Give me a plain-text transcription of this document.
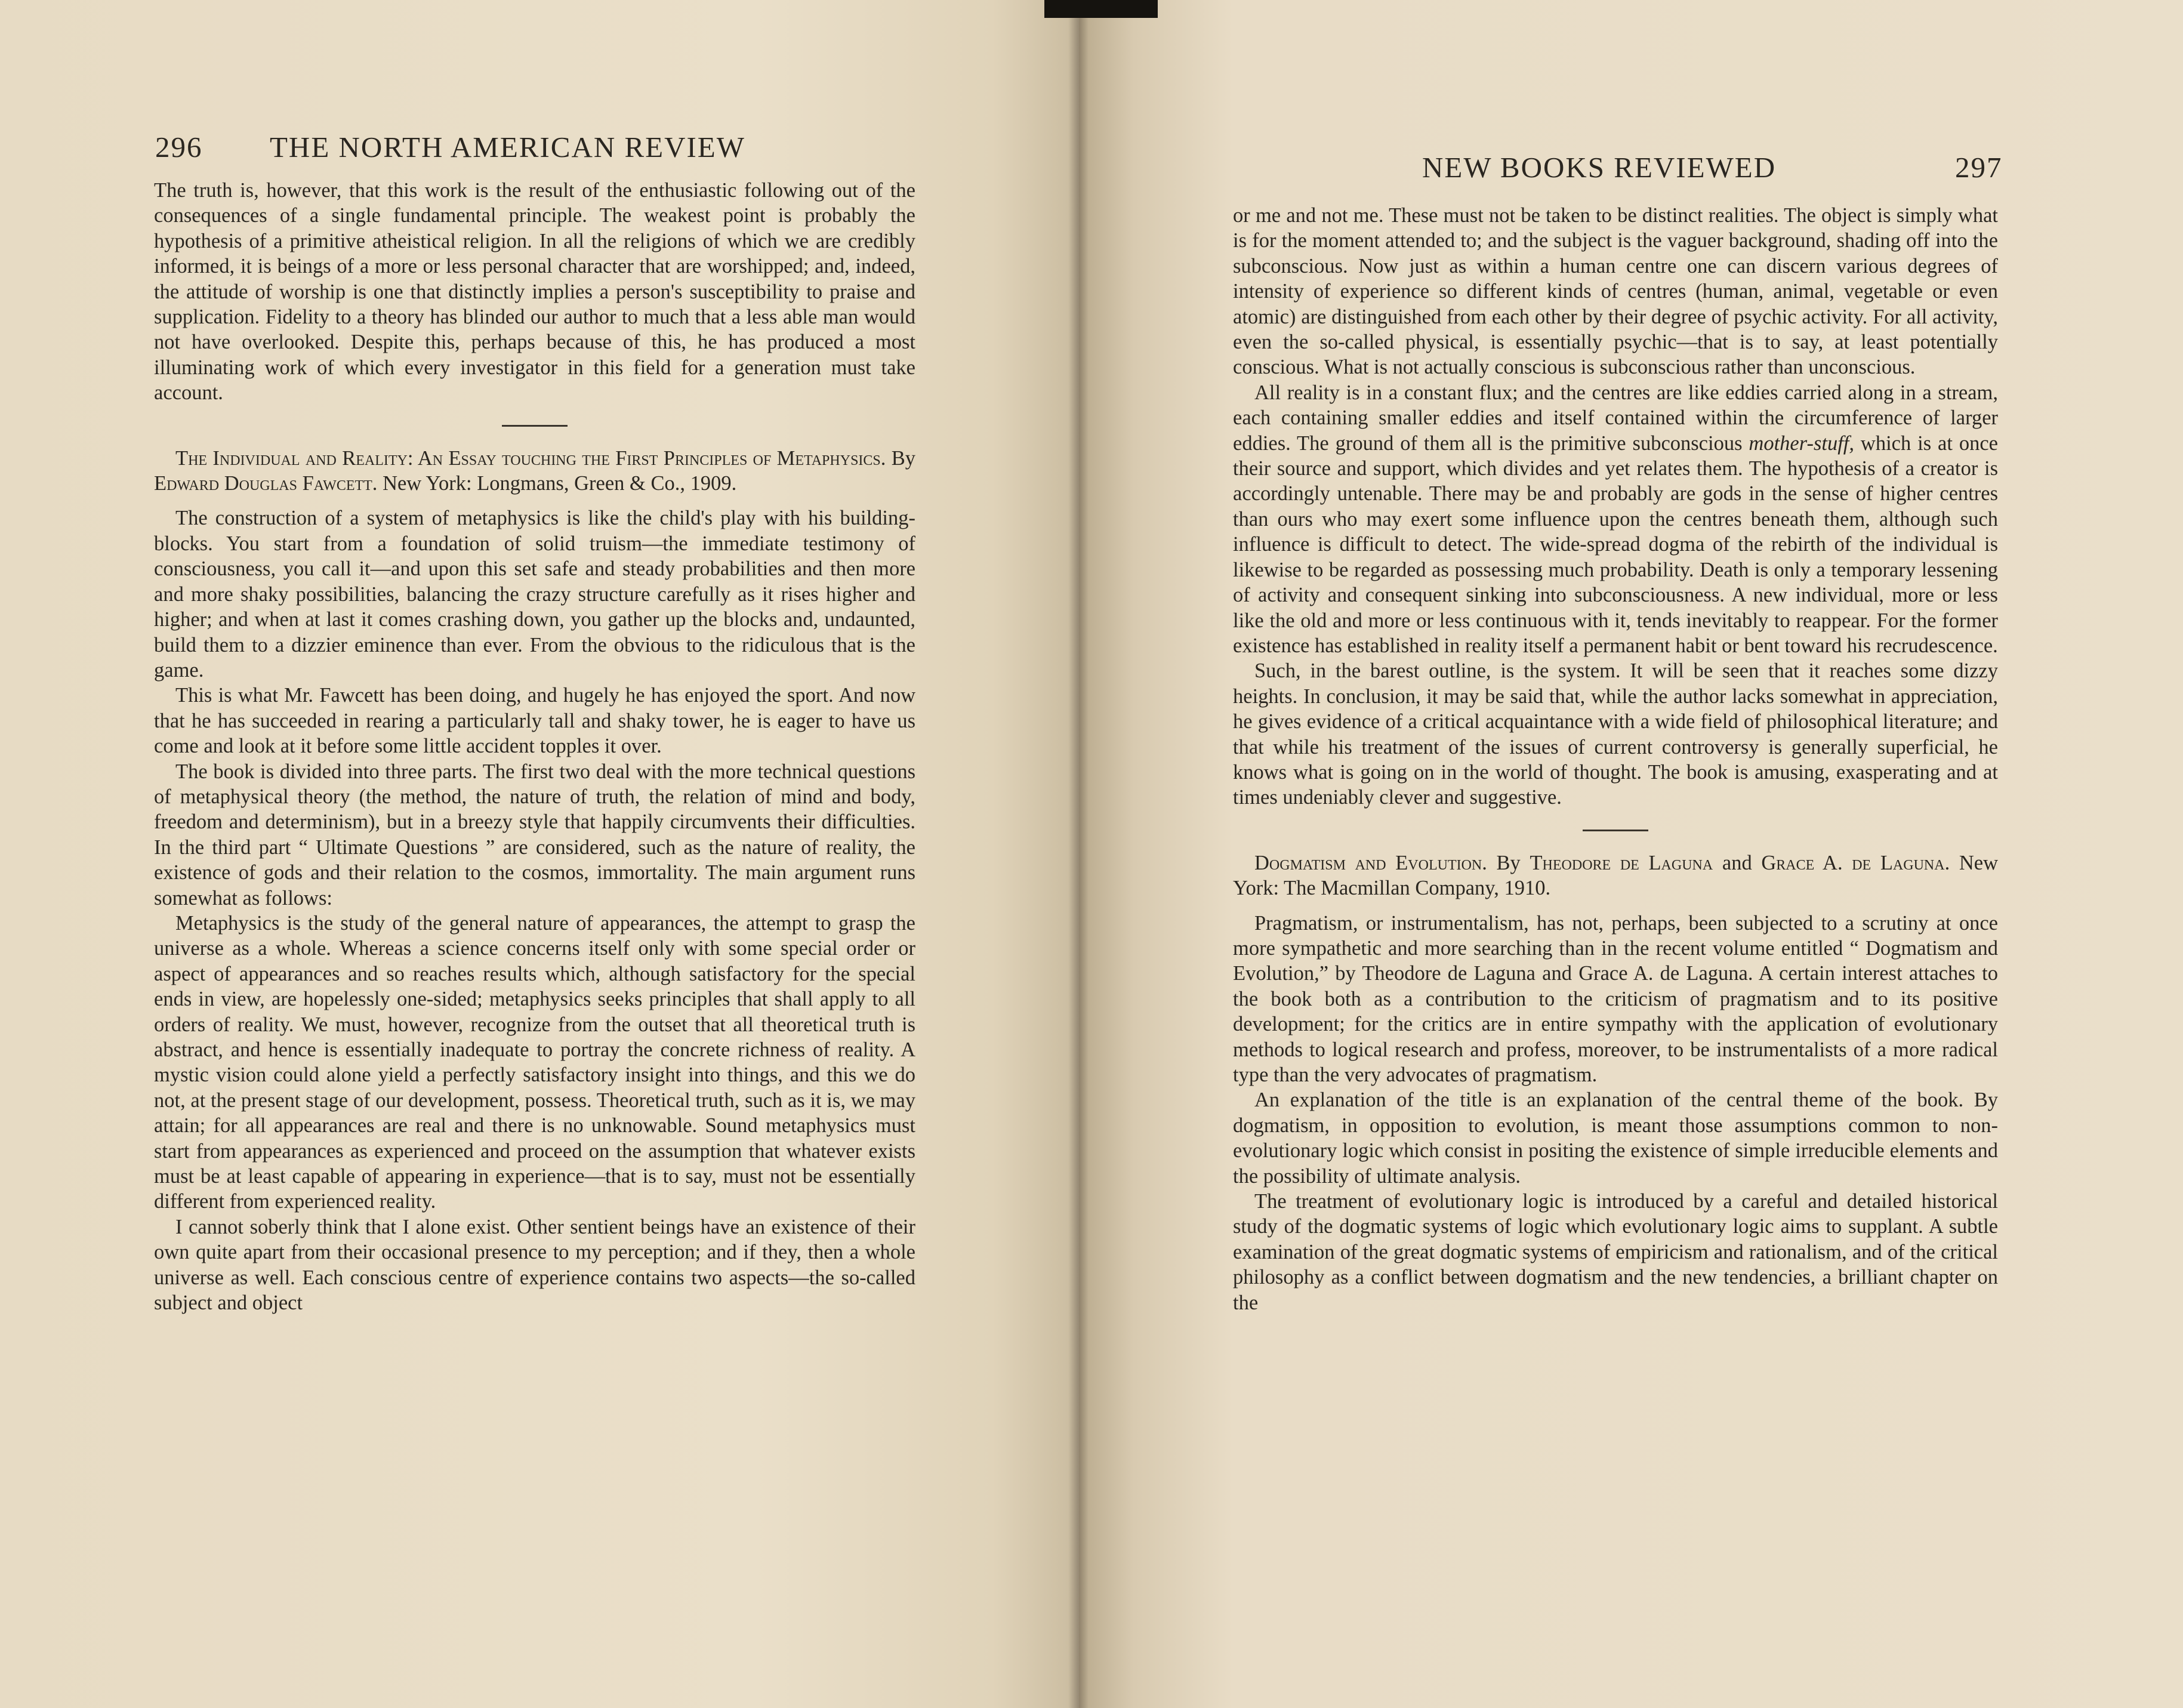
296 THE NORTH AMERICAN REVIEW

The truth is, however, that this work is the result of the enthusiastic following out of the consequences of a single fundamental principle. The weakest point is probably the hypothesis of a primitive atheistical religion. In all the religions of which we are credibly informed, it is beings of a more or less personal character that are worshipped; and, indeed, the attitude of worship is one that distinctly implies a person's susceptibility to praise and supplication. Fidelity to a theory has blinded our author to much that a less able man would not have overlooked. Despite this, perhaps because of this, he has produced a most illuminating work of which every investigator in this field for a generation must take account.

The Individual and Reality: An Essay touching the First Principles of Metaphysics. By Edward Douglas Fawcett. New York: Longmans, Green & Co., 1909.

The construction of a system of metaphysics is like the child's play with his building-blocks. You start from a foundation of solid truism—the immediate testimony of consciousness, you call it—and upon this set safe and steady probabilities and then more and more shaky possibilities, balancing the crazy structure carefully as it rises higher and higher; and when at last it comes crashing down, you gather up the blocks and, undaunted, build them to a dizzier eminence than ever. From the obvious to the ridiculous that is the game.

This is what Mr. Fawcett has been doing, and hugely he has enjoyed the sport. And now that he has succeeded in rearing a particularly tall and shaky tower, he is eager to have us come and look at it before some little accident topples it over.

The book is divided into three parts. The first two deal with the more technical questions of metaphysical theory (the method, the nature of truth, the relation of mind and body, freedom and determinism), but in a breezy style that happily circumvents their difficulties. In the third part “ Ultimate Questions ” are considered, such as the nature of reality, the existence of gods and their relation to the cosmos, immortality. The main argument runs somewhat as follows:

Metaphysics is the study of the general nature of appearances, the attempt to grasp the universe as a whole. Whereas a science concerns itself only with some special order or aspect of appearances and so reaches results which, although satisfactory for the special ends in view, are hopelessly one-sided; metaphysics seeks principles that shall apply to all orders of reality. We must, however, recognize from the outset that all theoretical truth is abstract, and hence is essentially inadequate to portray the concrete richness of reality. A mystic vision could alone yield a perfectly satisfactory insight into things, and this we do not, at the present stage of our development, possess. Theoretical truth, such as it is, we may attain; for all appearances are real and there is no unknowable. Sound metaphysics must start from appearances as experienced and proceed on the assumption that whatever exists must be at least capable of appearing in experience—that is to say, must not be essentially different from experienced reality.

I cannot soberly think that I alone exist. Other sentient beings have an existence of their own quite apart from their occasional presence to my perception; and if they, then a whole universe as well. Each conscious centre of experience contains two aspects—the so-called subject and object

NEW BOOKS REVIEWED	297

or me and not me. These must not be taken to be distinct realities. The object is simply what is for the moment attended to; and the subject is the vaguer background, shading off into the subconscious. Now just as within a human centre one can discern various degrees of intensity of experience so different kinds of centres (human, animal, vegetable or even atomic) are distinguished from each other by their degree of psychic activity. For all activity, even the so-called physical, is essentially psychic—that is to say, at least potentially conscious. What is not actually conscious is subconscious rather than unconscious.

All reality is in a constant flux; and the centres are like eddies carried along in a stream, each containing smaller eddies and itself contained within the circumference of larger eddies. The ground of them all is the primitive subconscious mother-stuff, which is at once their source and support, which divides and yet relates them. The hypothesis of a creator is accordingly untenable. There may be and probably are gods in the sense of higher centres than ours who may exert some influence upon the centres beneath them, although such influence is difficult to detect. The wide-spread dogma of the rebirth of the individual is likewise to be regarded as possessing much probability. Death is only a temporary lessening of activity and consequent sinking into subconsciousness. A new individual, more or less like the old and more or less continuous with it, tends inevitably to reappear. For the former existence has established in reality itself a permanent habit or bent toward his recrudescence.

Such, in the barest outline, is the system. It will be seen that it reaches some dizzy heights. In conclusion, it may be said that, while the author lacks somewhat in appreciation, he gives evidence of a critical acquaintance with a wide field of philosophical literature; and that while his treatment of the issues of current controversy is generally superficial, he knows what is going on in the world of thought. The book is amusing, exasperating and at times undeniably clever and suggestive.

Dogmatism and Evolution. By Theodore de Laguna and Grace A. de Laguna. New York: The Macmillan Company, 1910.

Pragmatism, or instrumentalism, has not, perhaps, been subjected to a scrutiny at once more sympathetic and more searching than in the recent volume entitled “ Dogmatism and Evolution,” by Theodore de Laguna and Grace A. de Laguna. A certain interest attaches to the book both as a contribution to the criticism of pragmatism and to its positive development; for the critics are in entire sympathy with the application of evolutionary methods to logical research and profess, moreover, to be instrumentalists of a more radical type than the very advocates of pragmatism.

An explanation of the title is an explanation of the central theme of the book. By dogmatism, in opposition to evolution, is meant those assumptions common to non-evolutionary logic which consist in positing the existence of simple irreducible elements and the possibility of ultimate analysis.

The treatment of evolutionary logic is introduced by a careful and detailed historical study of the dogmatic systems of logic which evolutionary logic aims to supplant. A subtle examination of the great dogmatic systems of empiricism and rationalism, and of the critical philosophy as a conflict between dogmatism and the new tendencies, a brilliant chapter on the
